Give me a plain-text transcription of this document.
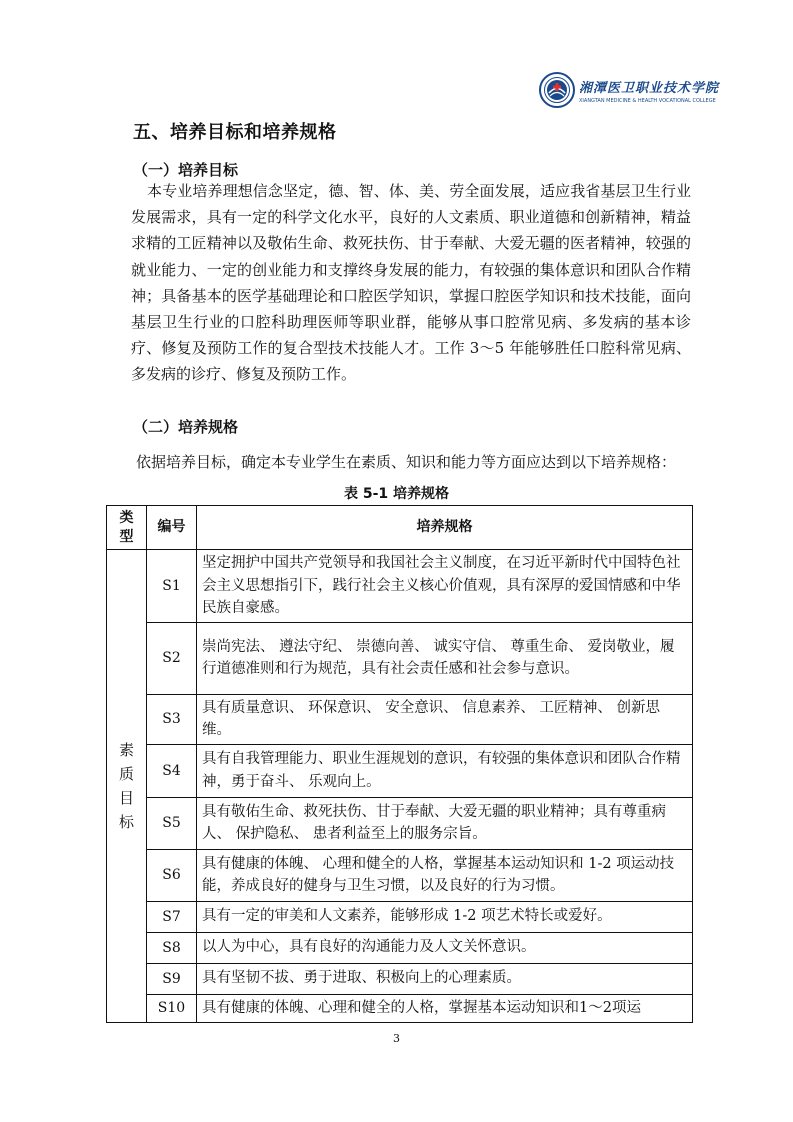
湘潭医卫职业技术学院
XIANGTAN MEDICINE & HEALTH VOCATIONAL COLLEGE
五、培养目标和培养规格
（一）培养目标
本专业培养理想信念坚定，德、智、体、美、劳全面发展，适应我省基层卫生行业发展需求，具有一定的科学文化水平，良好的人文素质、职业道德和创新精神，精益求精的工匠精神以及敬佑生命、救死扶伤、甘于奉献、大爱无疆的医者精神，较强的就业能力、一定的创业能力和支撑终身发展的能力，有较强的集体意识和团队合作精神；具备基本的医学基础理论和口腔医学知识，掌握口腔医学知识和技术技能，面向基层卫生行业的口腔科助理医师等职业群，能够从事口腔常见病、多发病的基本诊疗、修复及预防工作的复合型技术技能人才。工作 3～5 年能够胜任口腔科常见病、多发病的诊疗、修复及预防工作。
（二）培养规格
依据培养目标，确定本专业学生在素质、知识和能力等方面应达到以下培养规格：
表 5-1 培养规格
类型	编号	培养规格
素质目标	S1	坚定拥护中国共产党领导和我国社会主义制度，在习近平新时代中国特色社会主义思想指引下，践行社会主义核心价值观，具有深厚的爱国情感和中华民族自豪感。
	S2	崇尚宪法、 遵法守纪、 崇德向善、 诚实守信、 尊重生命、 爱岗敬业，履行道德准则和行为规范，具有社会责任感和社会参与意识。
	S3	具有质量意识、 环保意识、 安全意识、 信息素养、 工匠精神、 创新思维。
	S4	具有自我管理能力、职业生涯规划的意识，有较强的集体意识和团队合作精神，勇于奋斗、 乐观向上。
	S5	具有敬佑生命、救死扶伤、甘于奉献、大爱无疆的职业精神；具有尊重病人、 保护隐私、 患者利益至上的服务宗旨。
	S6	具有健康的体魄、 心理和健全的人格，掌握基本运动知识和 1-2 项运动技能，养成良好的健身与卫生习惯，以及良好的行为习惯。
	S7	具有一定的审美和人文素养，能够形成 1-2 项艺术特长或爱好。
	S8	以人为中心，具有良好的沟通能力及人文关怀意识。
	S9	具有坚韧不拔、勇于进取、积极向上的心理素质。
	S10	具有健康的体魄、心理和健全的人格，掌握基本运动知识和1～2项运
3
